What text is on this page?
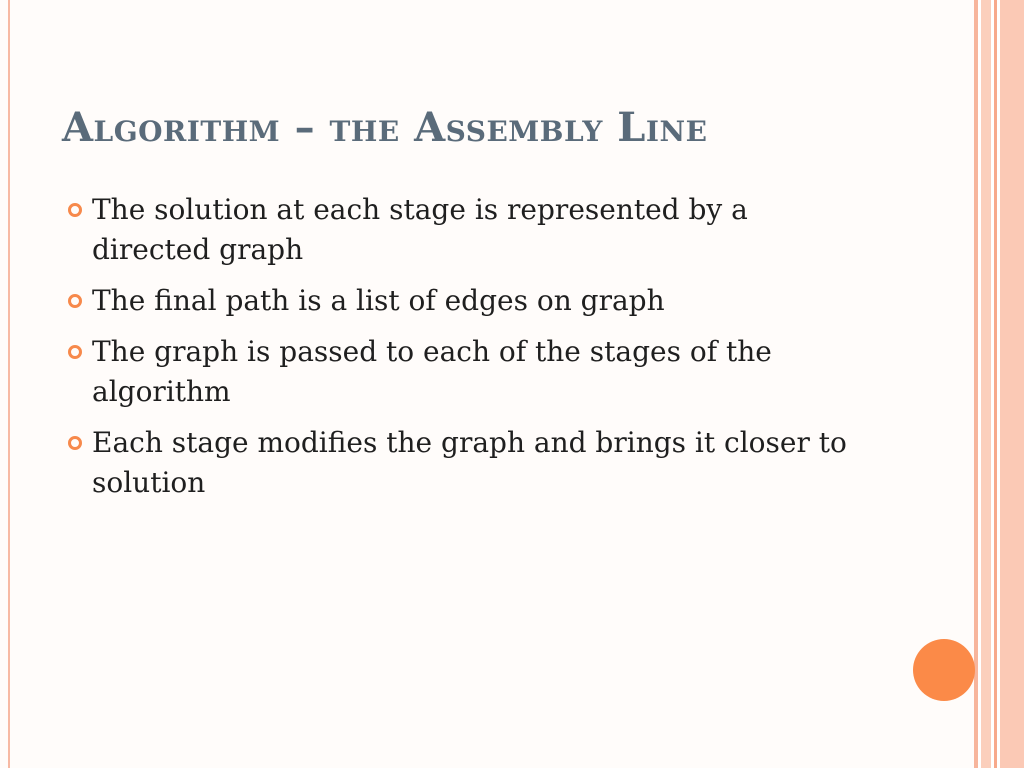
Algorithm – the Assembly Line
The solution at each stage is represented by a directed graph
The final path is a list of edges on graph
The graph is passed to each of the stages of the algorithm
Each stage modifies the graph and brings it closer to solution
